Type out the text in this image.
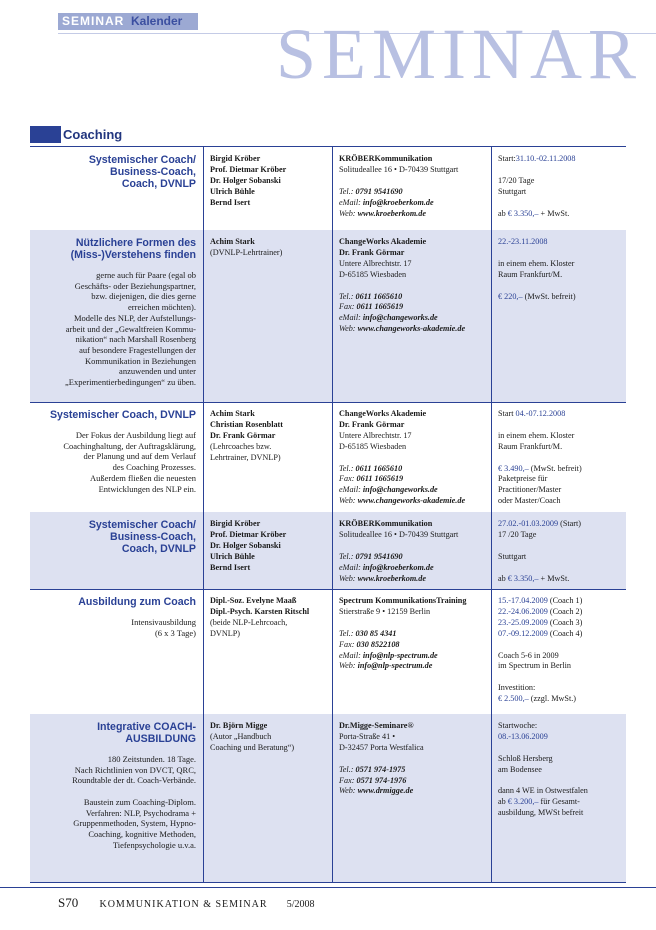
SEMINAR Kalender SEMINAR
Coaching
Systemischer Coach/
Business-Coach,
Coach, DVNLP
Birgid Kröber
Prof. Dietmar Kröber
Dr. Holger Sobanski
Ulrich Bühle
Bernd Isert
KRÖBERKommunikation
Solitudeallee 16 • D-70439 Stuttgart
Tel.: 0791 9541690
eMail: info@kroeberkom.de
Web: www.kroeberkom.de
Start:31.10.-02.11.2008
17/20 Tage
Stuttgart
ab € 3.350,– + MwSt.
Nützlichere Formen des
(Miss-)Verstehens finden
gerne auch für Paare (egal ob
Geschäfts- oder Beziehungspartner,
bzw. diejenigen, die dies gerne
erreichen möchten).
Modelle des NLP, der Aufstellungs-
arbeit und der „Gewaltfreien Kommu-
nikation“ nach Marshall Rosenberg
auf besondere Fragestellungen der
Kommunikation in Beziehungen
anzuwenden und unter
„Experimentierbedingungen“ zu üben.
Achim Stark
(DVNLP-Lehrtrainer)
ChangeWorks Akademie
Dr. Frank Görmar
Untere Albrechtstr. 17
D-65185 Wiesbaden
Tel.: 0611 1665610
Fax: 0611 1665619
eMail: info@changeworks.de
Web: www.changeworks-akademie.de
22.-23.11.2008
in einem ehem. Kloster
Raum Frankfurt/M.
€ 220,– (MwSt. befreit)
Systemischer Coach, DVNLP
Der Fokus der Ausbildung liegt auf
Coachinghaltung, der Auftragsklärung,
der Planung und auf dem Verlauf
des Coaching Prozesses.
Außerdem fließen die neuesten
Entwicklungen des NLP ein.
Achim Stark
Christian Rosenblatt
Dr. Frank Görmar
(Lehrcoaches bzw.
Lehrtrainer, DVNLP)
ChangeWorks Akademie
Dr. Frank Görmar
Untere Albrechtstr. 17
D-65185 Wiesbaden
Tel.: 0611 1665610
Fax: 0611 1665619
eMail: info@changeworks.de
Web: www.changeworks-akademie.de
Start 04.-07.12.2008
in einem ehem. Kloster
Raum Frankfurt/M.
€ 3.490,– (MwSt. befreit)
Paketpreise für
Practitioner/Master
oder Master/Coach
Systemischer Coach/
Business-Coach,
Coach, DVNLP
Birgid Kröber
Prof. Dietmar Kröber
Dr. Holger Sobanski
Ulrich Bühle
Bernd Isert
KRÖBERKommunikation
Solitudeallee 16 • D-70439 Stuttgart
Tel.: 0791 9541690
eMail: info@kroeberkom.de
Web: www.kroeberkom.de
27.02.-01.03.2009 (Start)
17 /20 Tage
Stuttgart
ab € 3.350,– + MwSt.
Ausbildung zum Coach
Intensivausbildung
(6 x 3 Tage)
Dipl.-Soz. Evelyne Maaß
Dipl.-Psych. Karsten Ritschl
(beide NLP-Lehrcoach,
DVNLP)
Spectrum KommunikationsTraining
Stierstraße 9 • 12159 Berlin
Tel.: 030 85 4341
Fax: 030 8522108
eMail: info@nlp-spectrum.de
Web: info@nlp-spectrum.de
15.-17.04.2009 (Coach 1)
22.-24.06.2009 (Coach 2)
23.-25.09.2009 (Coach 3)
07.-09.12.2009 (Coach 4)
Coach 5-6 in 2009
im Spectrum in Berlin
Investition:
€ 2.500,– (zzgl. MwSt.)
Integrative COACH-
AUSBILDUNG
180 Zeitstunden. 18 Tage.
Nach Richtlinien von DVCT, QRC,
Roundtable der dt. Coach-Verbände.
Baustein zum Coaching-Diplom.
Verfahren: NLP, Psychodrama +
Gruppenmethoden, System, Hypno-
Coaching, kognitive Methoden,
Tiefenpsychologie u.v.a.
Dr. Björn Migge
(Autor „Handbuch
Coaching und Beratung“)
Dr.Migge-Seminare®
Porta-Straße 41 •
D-32457 Porta Westfalica
Tel.: 0571 974-1975
Fax: 0571 974-1976
Web: www.drmigge.de
Startwoche:
08.-13.06.2009
Schloß Hersberg
am Bodensee
dann 4 WE in Ostwestfalen
ab € 3.200,– für Gesamt-
ausbildung, MWSt befreit
S70 KOMMUNIKATION & SEMINAR 5/2008
